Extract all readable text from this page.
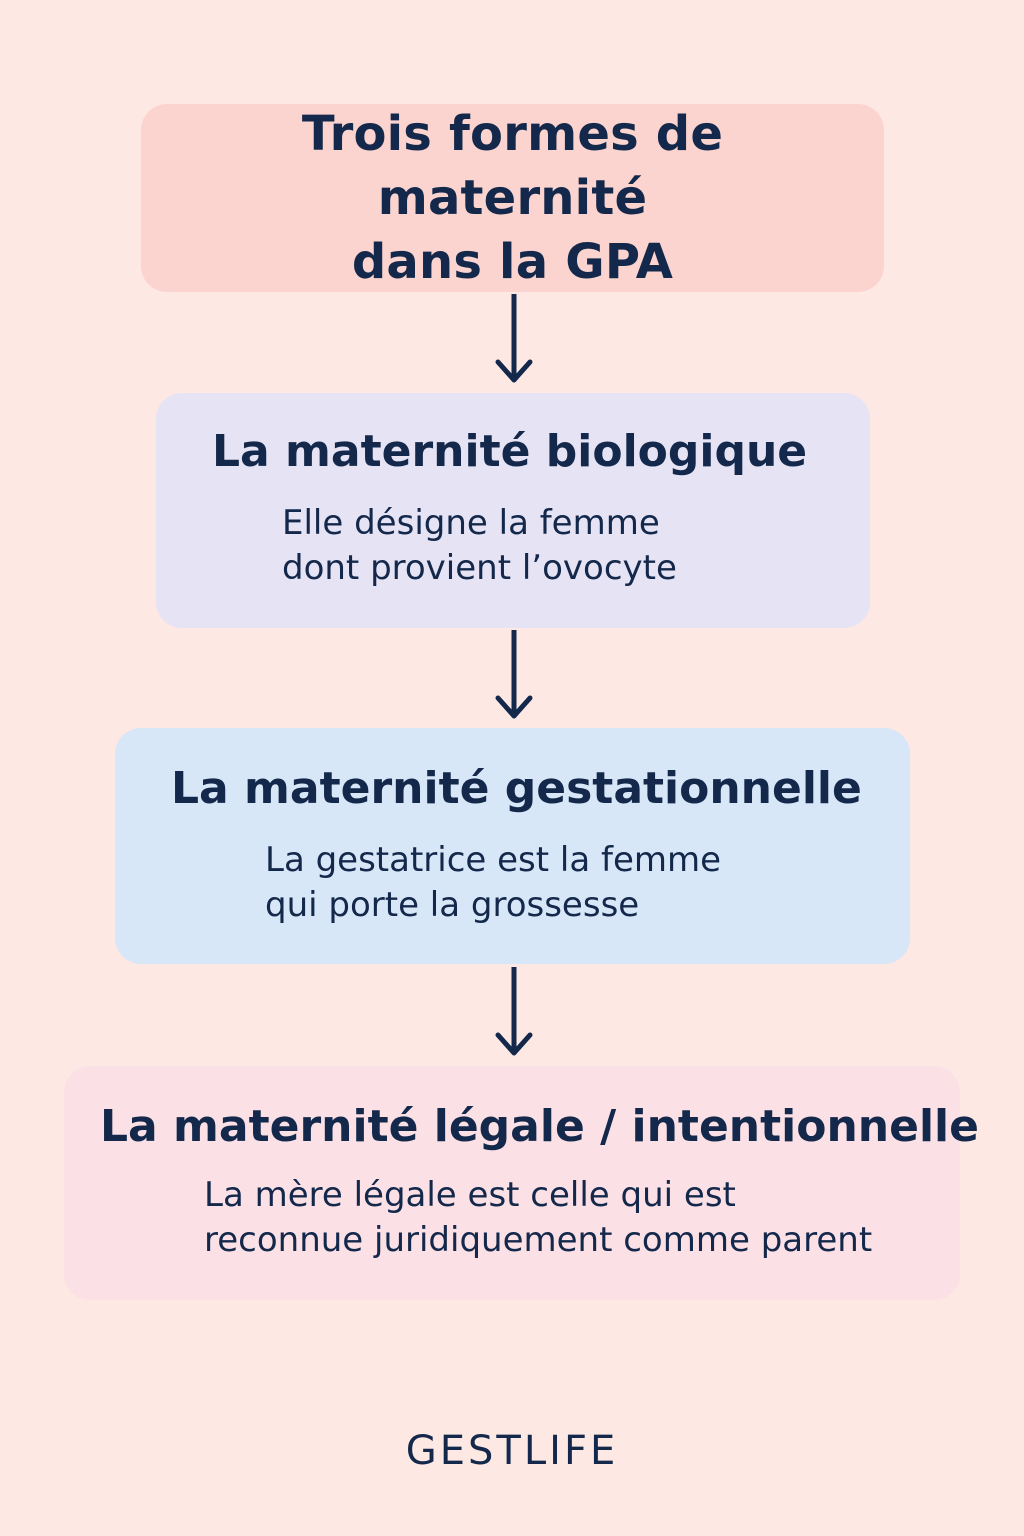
Trois formes de maternité
dans la GPA
La maternité biologique

Elle désigne la femme
dont provient l’ovocyte

La maternité gestationnelle

La gestatrice est la femme
qui porte la grossesse

La maternité légale / intentionnelle

La mère légale est celle qui est
reconnue juridiquement comme parent

GESTLIFE
